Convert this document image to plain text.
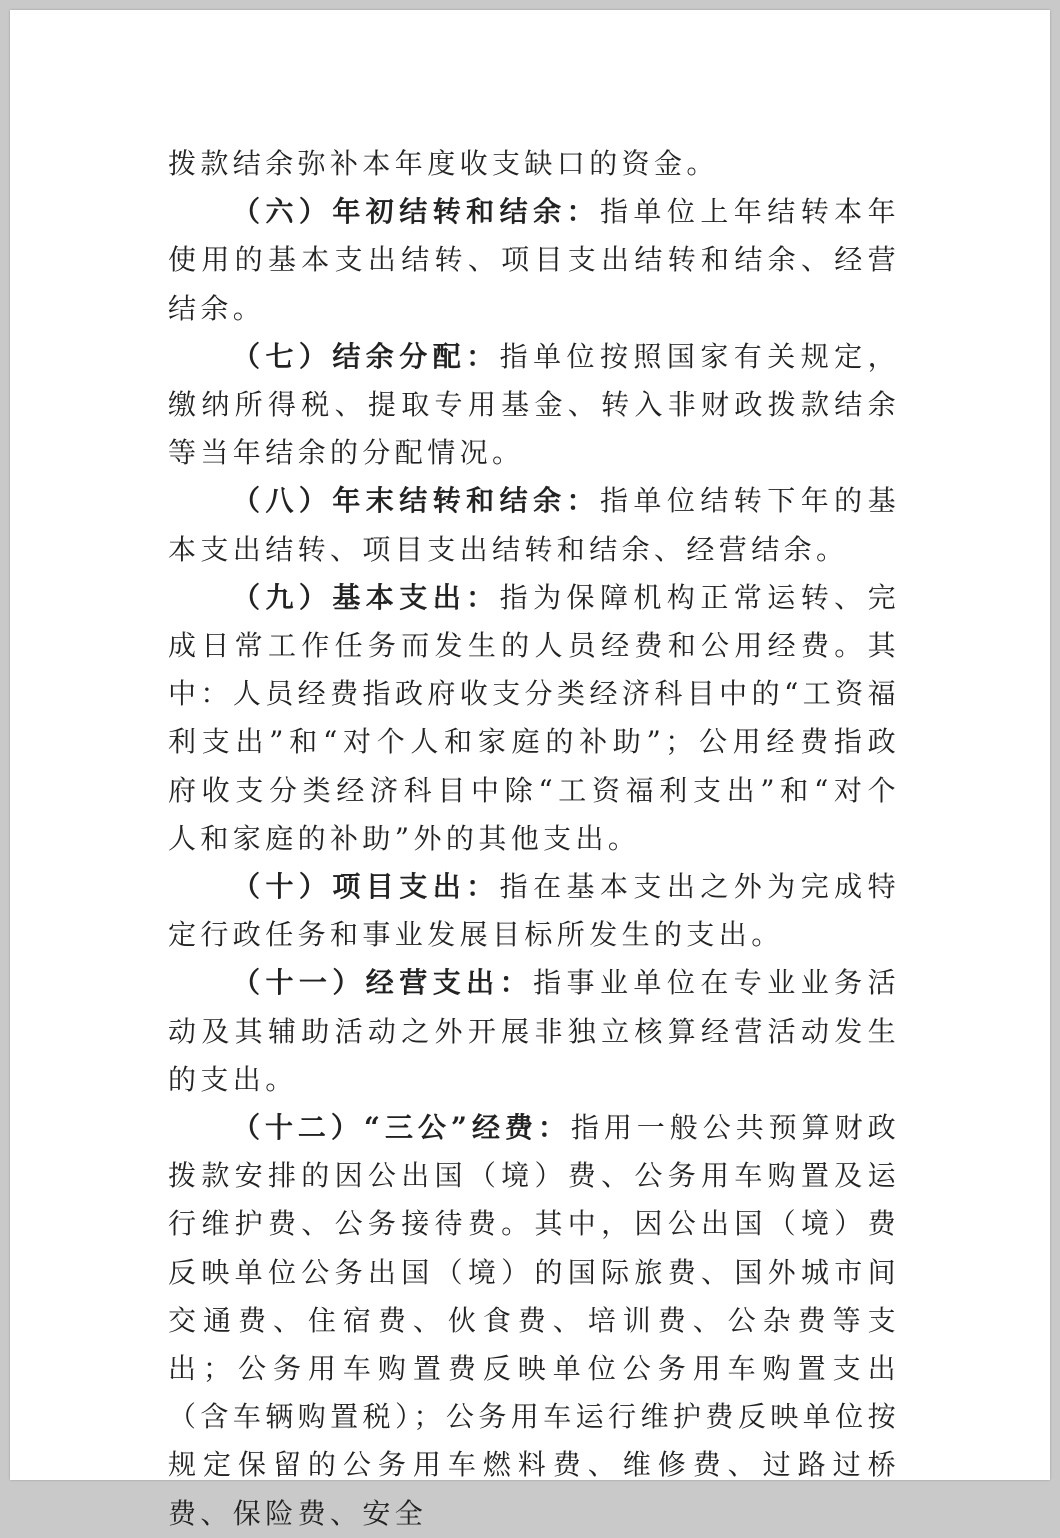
拨款结余弥补本年度收支缺口的资金。

（六）年初结转和结余：指单位上年结转本年使用的基本支出结转、项目支出结转和结余、经营结余。

（七）结余分配：指单位按照国家有关规定，缴纳所得税、提取专用基金、转入非财政拨款结余等当年结余的分配情况。

（八）年末结转和结余：指单位结转下年的基本支出结转、项目支出结转和结余、经营结余。

（九）基本支出：指为保障机构正常运转、完成日常工作任务而发生的人员经费和公用经费。其中：人员经费指政府收支分类经济科目中的“工资福利支出”和“对个人和家庭的补助”；公用经费指政府收支分类经济科目中除“工资福利支出”和“对个人和家庭的补助”外的其他支出。

（十）项目支出：指在基本支出之外为完成特定行政任务和事业发展目标所发生的支出。

（十一）经营支出：指事业单位在专业业务活动及其辅助活动之外开展非独立核算经营活动发生的支出。

（十二）“三公”经费：指用一般公共预算财政拨款安排的因公出国（境）费、公务用车购置及运行维护费、公务接待费。其中，因公出国（境）费反映单位公务出国（境）的国际旅费、国外城市间交通费、住宿费、伙食费、培训费、公杂费等支出；公务用车购置费反映单位公务用车购置支出（含车辆购置税）；公务用车运行维护费反映单位按规定保留的公务用车燃料费、维修费、过路过桥费、保险费、安全
